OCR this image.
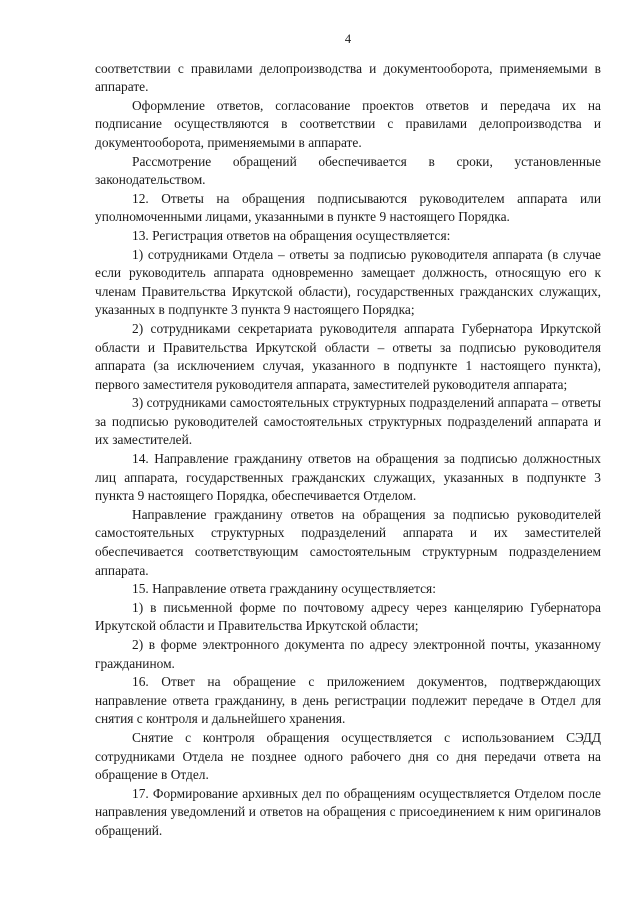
4

соответствии с правилами делопроизводства и документооборота, применяемыми в аппарате.

Оформление ответов, согласование проектов ответов и передача их на подписание осуществляются в соответствии с правилами делопроизводства и документооборота, применяемыми в аппарате.

Рассмотрение обращений обеспечивается в сроки, установленные законодательством.

12. Ответы на обращения подписываются руководителем аппарата или уполномоченными лицами, указанными в пункте 9 настоящего Порядка.

13. Регистрация ответов на обращения осуществляется:

1) сотрудниками Отдела – ответы за подписью руководителя аппарата (в случае если руководитель аппарата одновременно замещает должность, относящую его к членам Правительства Иркутской области), государственных гражданских служащих, указанных в подпункте 3 пункта 9 настоящего Порядка;

2) сотрудниками секретариата руководителя аппарата Губернатора Иркутской области и Правительства Иркутской области – ответы за подписью руководителя аппарата (за исключением случая, указанного в подпункте 1 настоящего пункта), первого заместителя руководителя аппарата, заместителей руководителя аппарата;

3) сотрудниками самостоятельных структурных подразделений аппарата – ответы за подписью руководителей самостоятельных структурных подразделений аппарата и их заместителей.

14. Направление гражданину ответов на обращения за подписью должностных лиц аппарата, государственных гражданских служащих, указанных в подпункте 3 пункта 9 настоящего Порядка, обеспечивается Отделом.

Направление гражданину ответов на обращения за подписью руководителей самостоятельных структурных подразделений аппарата и их заместителей обеспечивается соответствующим самостоятельным структурным подразделением аппарата.

15. Направление ответа гражданину осуществляется:

1) в письменной форме по почтовому адресу через канцелярию Губернатора Иркутской области и Правительства Иркутской области;

2) в форме электронного документа по адресу электронной почты, указанному гражданином.

16. Ответ на обращение с приложением документов, подтверждающих направление ответа гражданину, в день регистрации подлежит передаче в Отдел для снятия с контроля и дальнейшего хранения.

Снятие с контроля обращения осуществляется с использованием СЭДД сотрудниками Отдела не позднее одного рабочего дня со дня передачи ответа на обращение в Отдел.

17. Формирование архивных дел по обращениям осуществляется Отделом после направления уведомлений и ответов на обращения с присоединением к ним оригиналов обращений.
